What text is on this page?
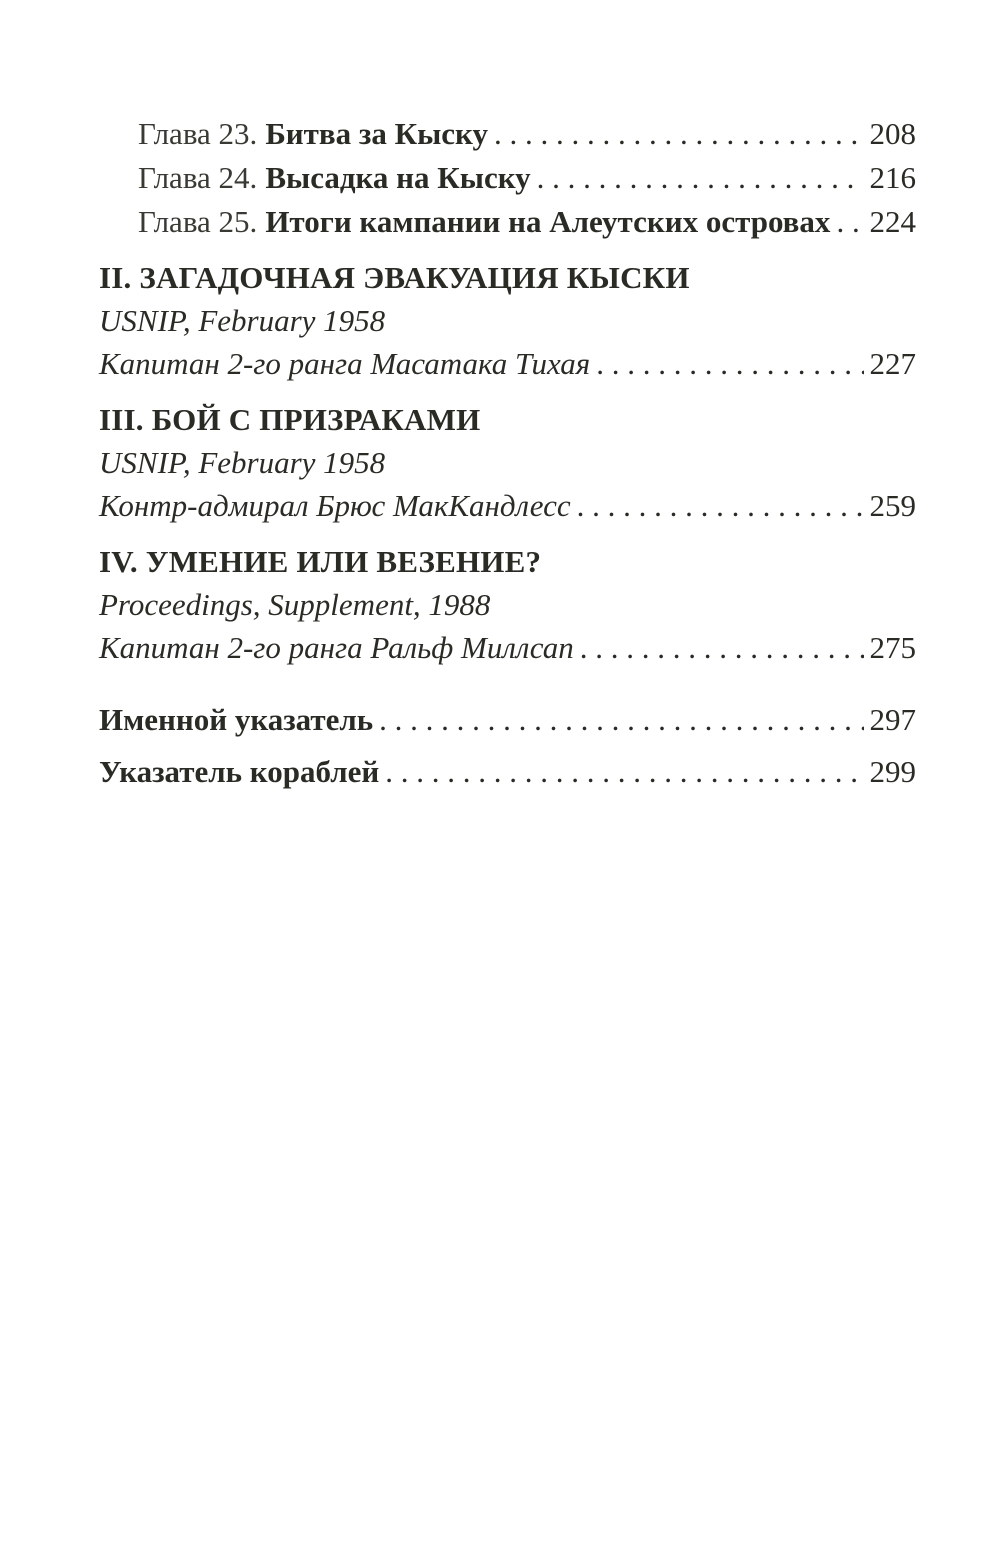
Глава 23. Битва за Кыску . . .	208
Глава 24. Высадка на Кыску . . .	216
Глава 25. Итоги кампании на Алеутских островах . . . 224
II. ЗАГАДОЧНАЯ ЭВАКУАЦИЯ КЫСКИ
USNIP, February 1958
Капитан 2-го ранга Масатака Тихая . . .	227
III. БОЙ С ПРИЗРАКАМИ
USNIP, February 1958
Контр-адмирал Брюс МакКандлесс . . .	259
IV. УМЕНИЕ ИЛИ ВЕЗЕНИЕ?
Proceedings, Supplement, 1988
Капитан 2-го ранга Ральф Миллсап . . .	275
Именной указатель . . .	297
Указатель кораблей . . .	299
